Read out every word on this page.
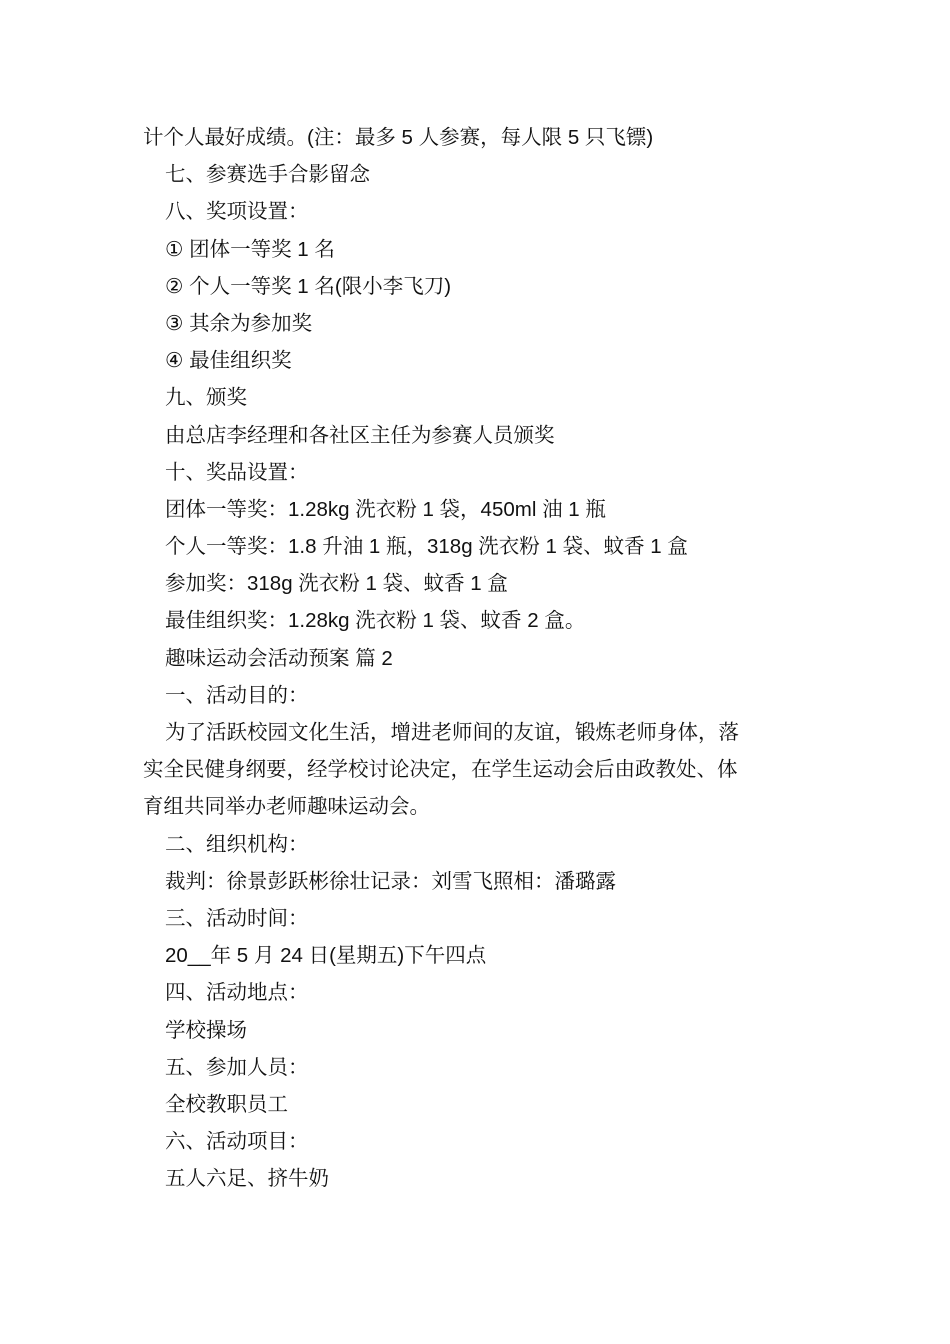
计个人最好成绩。(注：最多 5 人参赛，每人限 5 只飞镖)
七、参赛选手合影留念
八、奖项设置：
① 团体一等奖 1 名
② 个人一等奖 1 名(限小李飞刀)
③ 其余为参加奖
④ 最佳组织奖
九、颁奖
由总店李经理和各社区主任为参赛人员颁奖
十、奖品设置：
团体一等奖：1.28kg 洗衣粉 1 袋，450ml 油 1 瓶
个人一等奖：1.8 升油 1 瓶，318g 洗衣粉 1 袋、蚊香 1 盒
参加奖：318g 洗衣粉 1 袋、蚊香 1 盒
最佳组织奖：1.28kg 洗衣粉 1 袋、蚊香 2 盒。
趣味运动会活动预案 篇 2
一、活动目的：
为了活跃校园文化生活，增进老师间的友谊，锻炼老师身体，落
实全民健身纲要，经学校讨论决定，在学生运动会后由政教处、体
育组共同举办老师趣味运动会。
二、组织机构：
裁判：徐景彭跃彬徐壮记录：刘雪飞照相：潘璐露
三、活动时间：
20__年 5 月 24 日(星期五)下午四点
四、活动地点：
学校操场
五、参加人员：
全校教职员工
六、活动项目：
五人六足、挤牛奶
